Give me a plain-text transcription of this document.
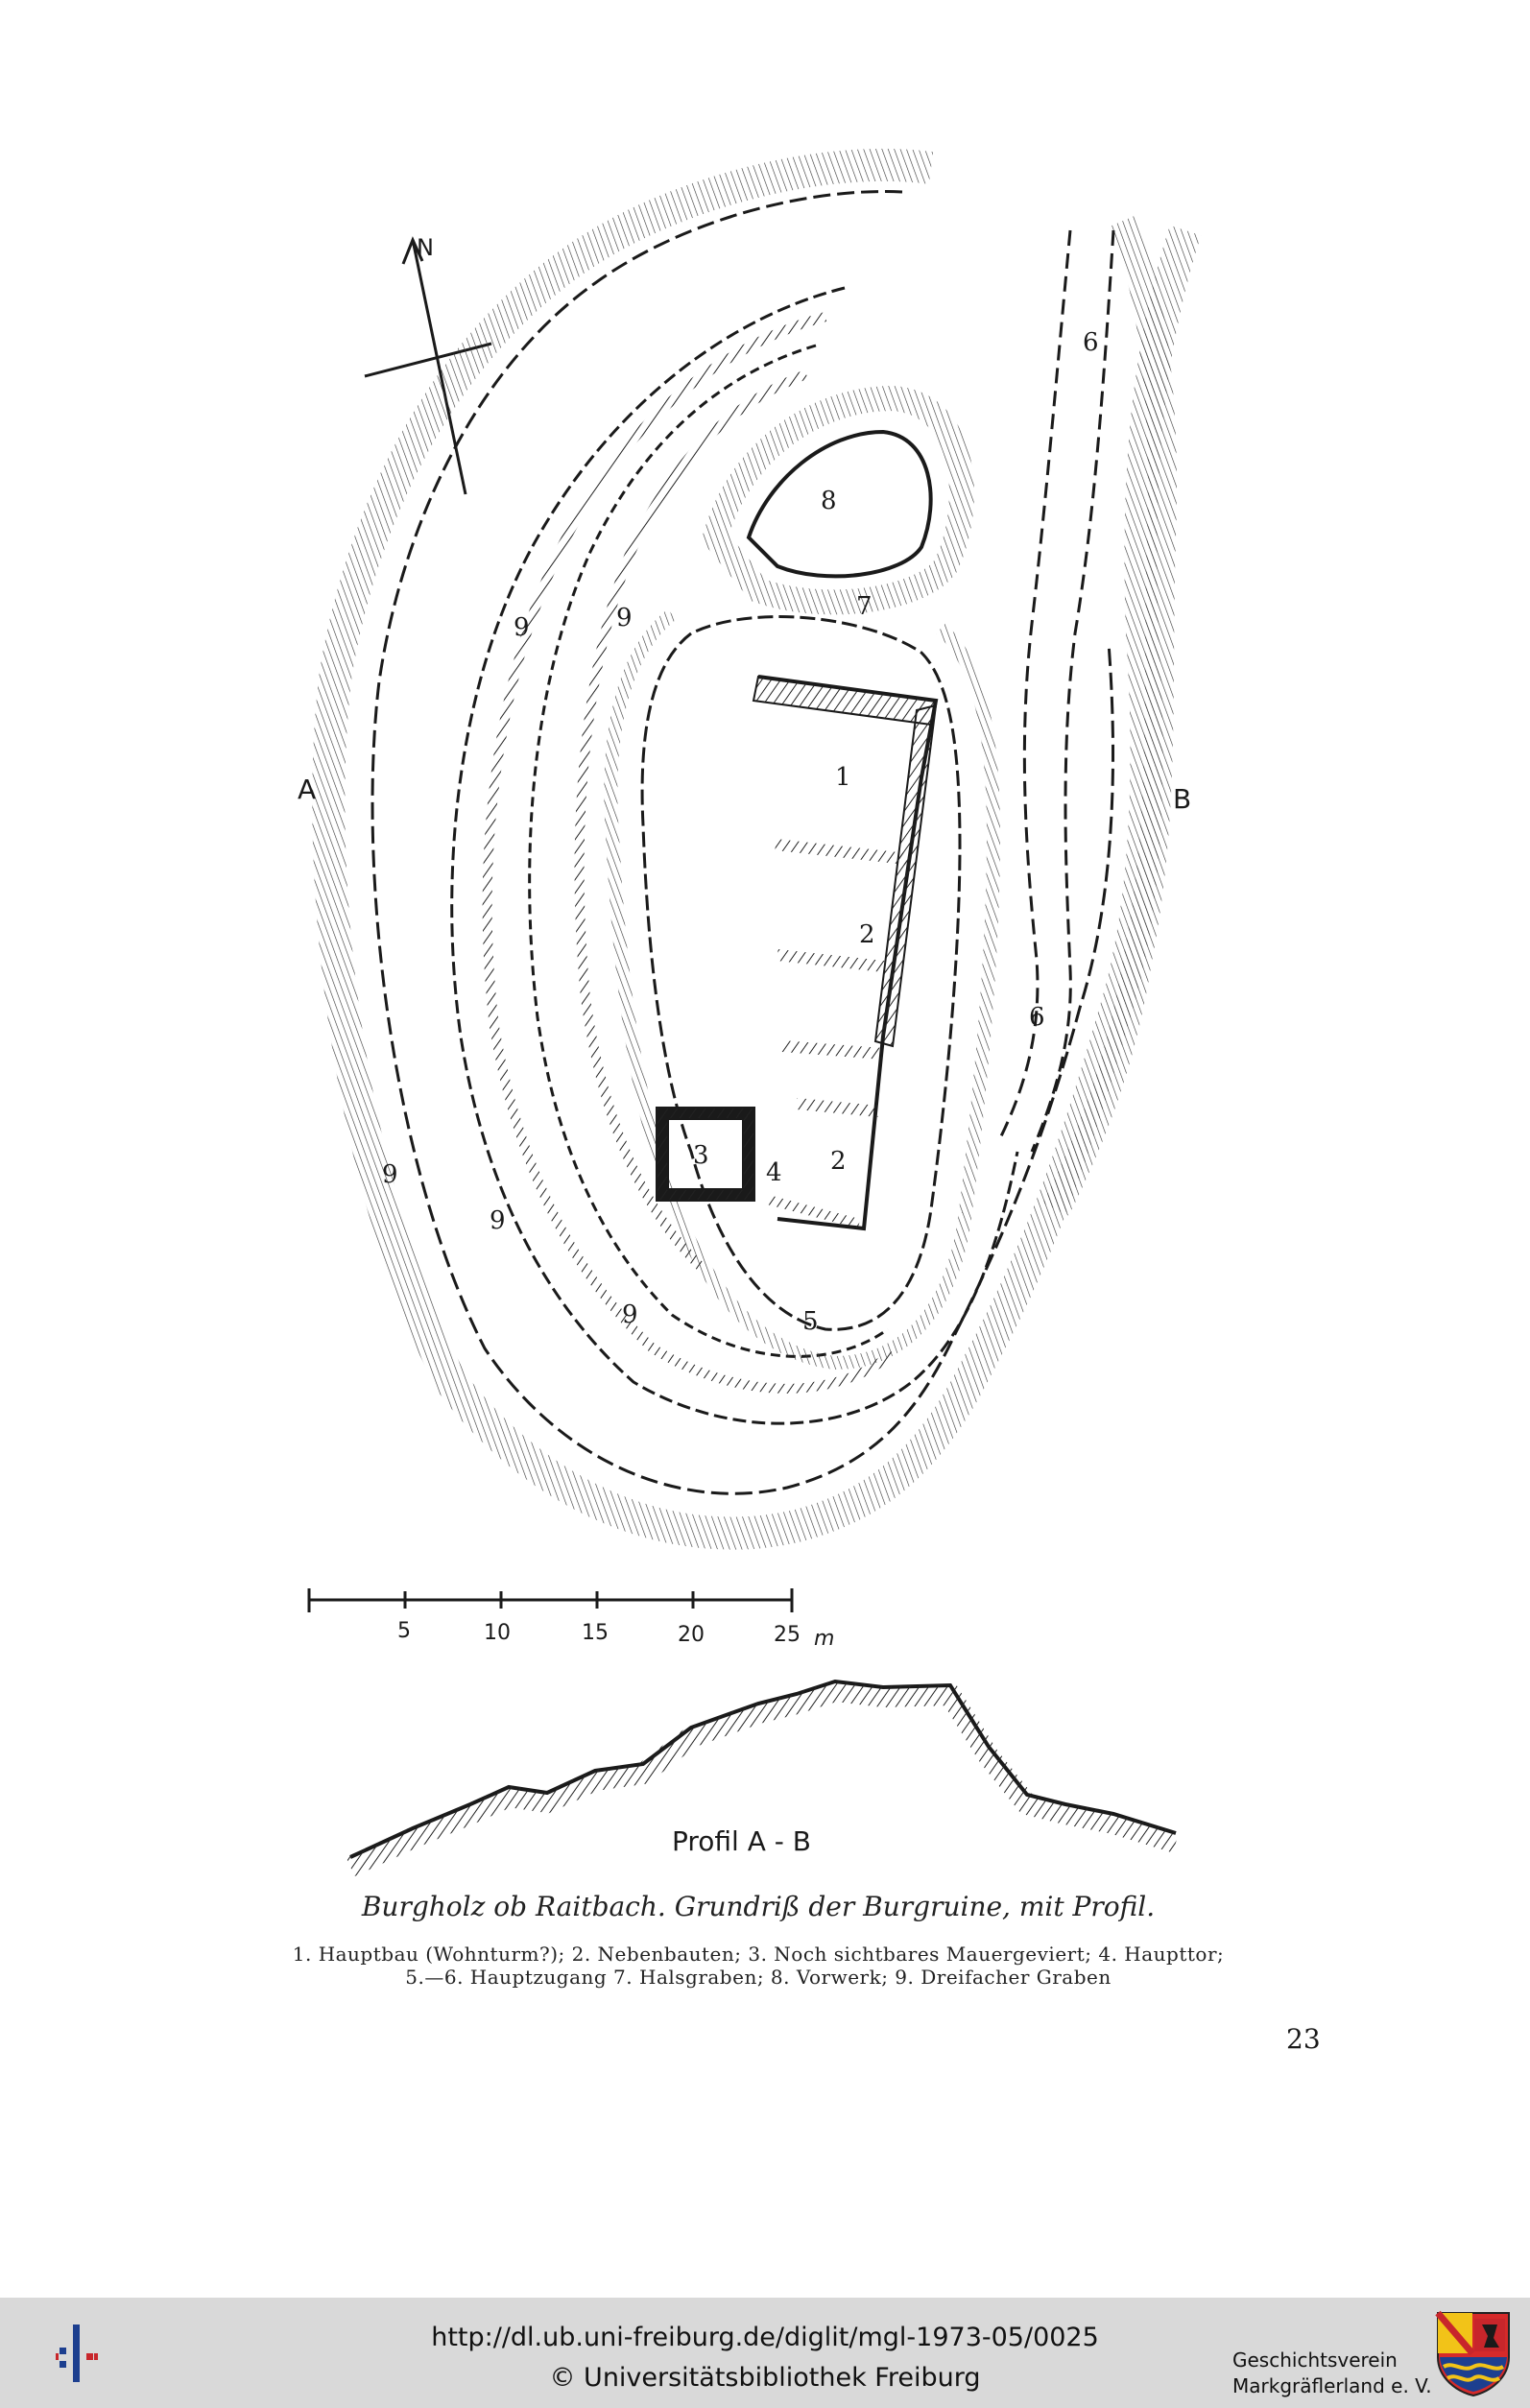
1
2
2
3
4
5
6
6
7
8
9	9
9
9
9
A	B
N
5	10	15	20	25 m
Profil A - B
Burgholz ob Raitbach. Grundriß der Burgruine, mit Profil.
1. Hauptbau (Wohnturm?); 2. Nebenbauten; 3. Noch sichtbares Mauergeviert; 4. Haupttor;
5.—6. Hauptzugang 7. Halsgraben; 8. Vorwerk; 9. Dreifacher Graben
23
http://dl.ub.uni-freiburg.de/diglit/mgl-1973-05/0025
© Universitätsbibliothek Freiburg
Geschichtsverein
Markgräflerland e. V.
